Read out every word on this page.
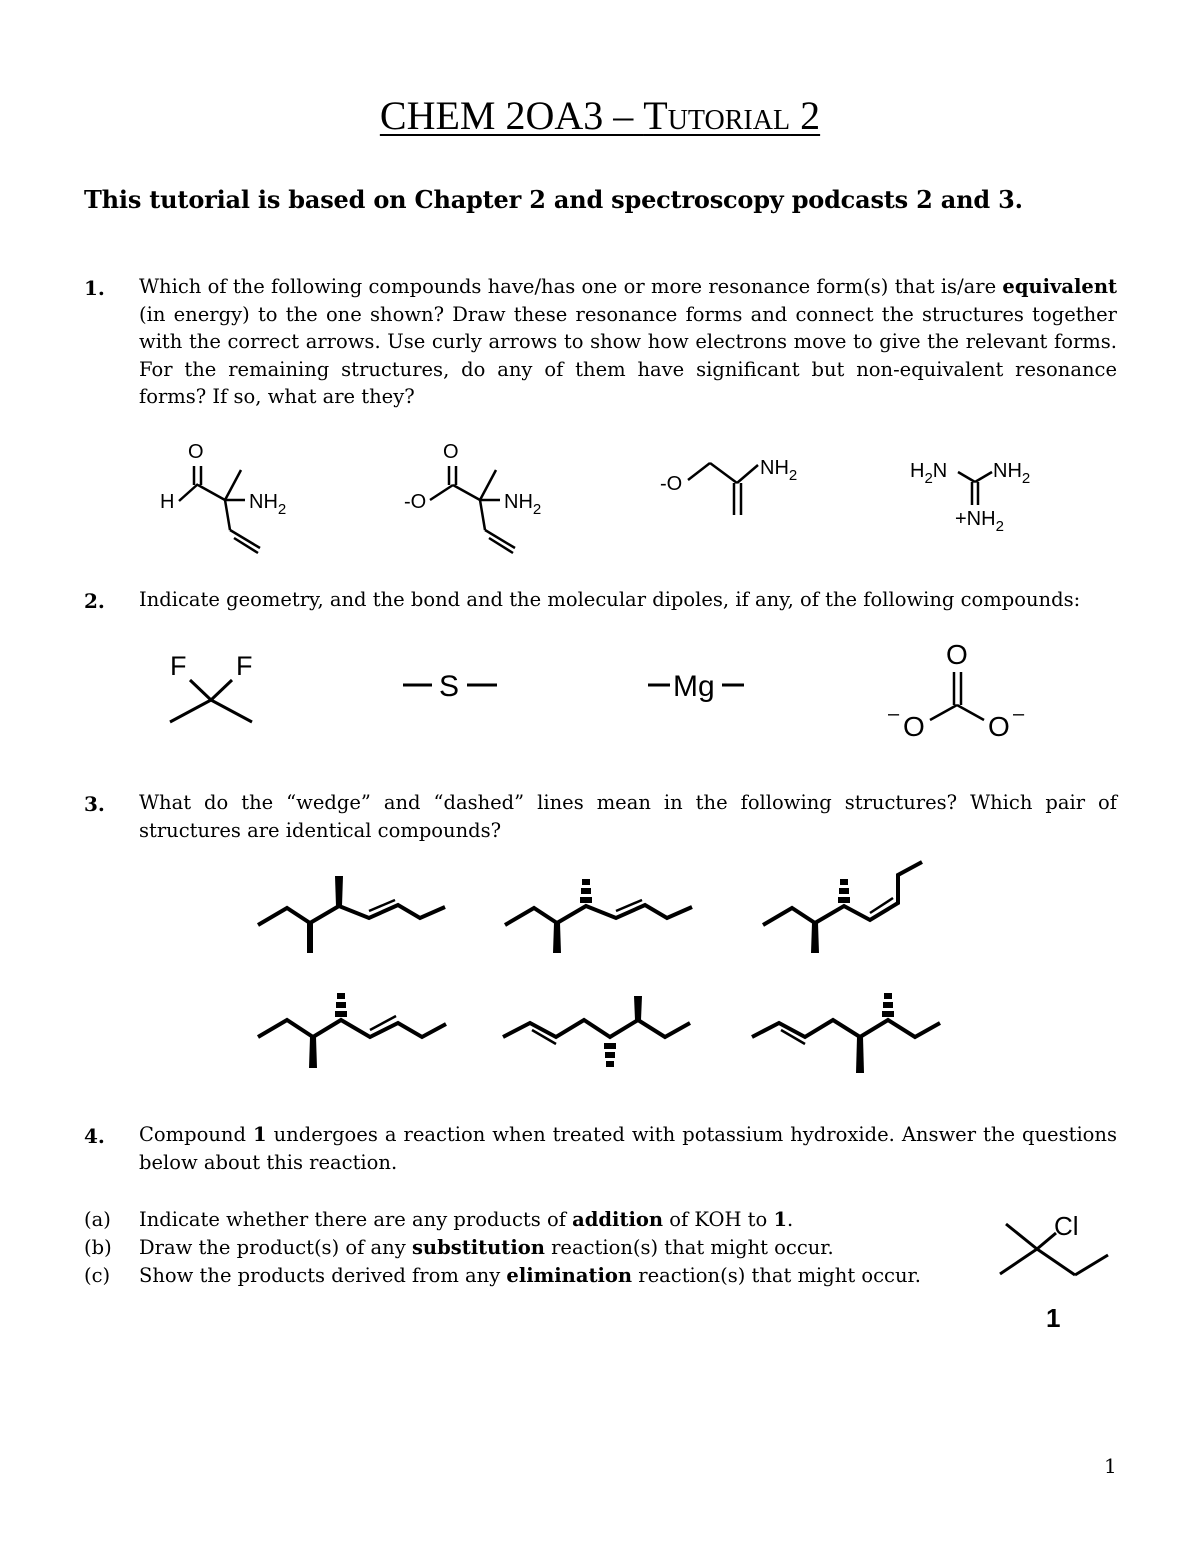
CHEM 2OA3 – Tutorial 2
This tutorial is based on Chapter 2 and spectroscopy podcasts 2 and 3.
1. Which of the following compounds have/has one or more resonance form(s) that is/are equivalent (in energy) to the one shown? Draw these resonance forms and connect the structures together with the correct arrows. Use curly arrows to show how electrons move to give the relevant forms. For the remaining structures, do any of them have significant but non-equivalent resonance forms? If so, what are they?
2. Indicate geometry, and the bond and the molecular dipoles, if any, of the following compounds:
3. What do the “wedge” and “dashed” lines mean in the following structures? Which pair of structures are identical compounds?
4. Compound 1 undergoes a reaction when treated with potassium hydroxide. Answer the questions below about this reaction.
(a) Indicate whether there are any products of addition of KOH to 1.
(b) Draw the product(s) of any substitution reaction(s) that might occur.
(c) Show the products derived from any elimination reaction(s) that might occur.
1
O
H	$NH_2$
O
-O	$NH_2$
-O
$NH_2$	$H_2N$ $NH_2$
$+NH_2$
F F
S	Mg
O
– O O –
Cl
1
